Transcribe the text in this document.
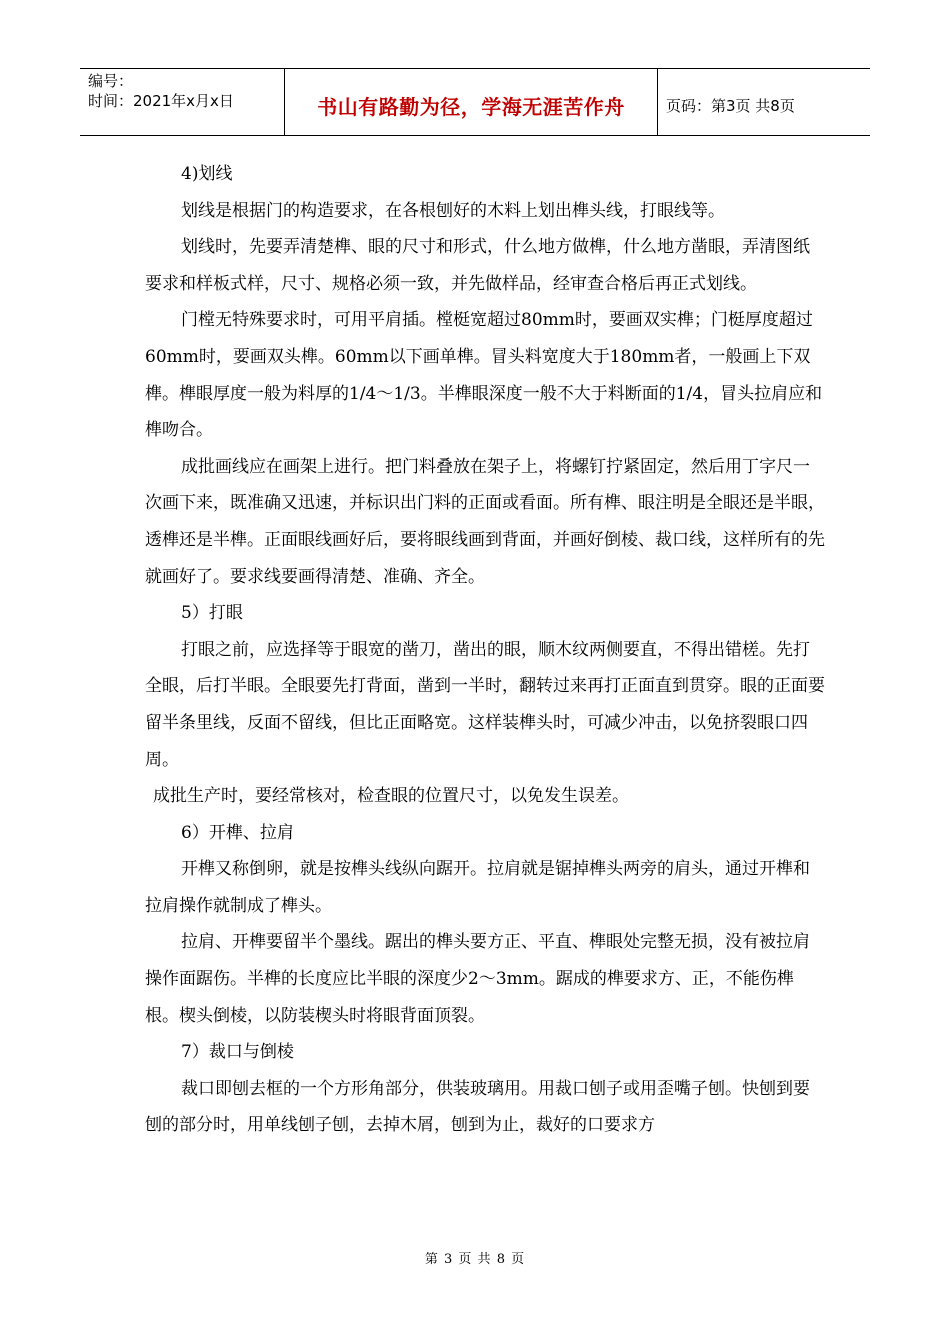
编号：
时间：2021年x月x日	书山有路勤为径，学海无涯苦作舟	页码：第3页 共8页

4)划线

划线是根据门的构造要求，在各根刨好的木料上划出榫头线，打眼线等。

划线时，先要弄清楚榫、眼的尺寸和形式，什么地方做榫，什么地方凿眼，弄清图纸要求和样板式样，尺寸、规格必须一致，并先做样品，经审查合格后再正式划线。

门樘无特殊要求时，可用平肩插。樘梃宽超过80mm时，要画双实榫；门梃厚度超过60mm时，要画双头榫。60mm以下画单榫。冒头料宽度大于180mm者，一般画上下双榫。榫眼厚度一般为料厚的1/4～1/3。半榫眼深度一般不大于料断面的1/4，冒头拉肩应和榫吻合。

成批画线应在画架上进行。把门料叠放在架子上，将螺钉拧紧固定，然后用丁字尺一次画下来，既准确又迅速，并标识出门料的正面或看面。所有榫、眼注明是全眼还是半眼，透榫还是半榫。正面眼线画好后，要将眼线画到背面，并画好倒棱、裁口线，这样所有的先就画好了。要求线要画得清楚、准确、齐全。

5）打眼

打眼之前，应选择等于眼宽的凿刀，凿出的眼，顺木纹两侧要直，不得出错槎。先打全眼，后打半眼。全眼要先打背面，凿到一半时，翻转过来再打正面直到贯穿。眼的正面要留半条里线，反面不留线，但比正面略宽。这样装榫头时，可减少冲击，以免挤裂眼口四周。

成批生产时，要经常核对，检查眼的位置尺寸，以免发生误差。

6）开榫、拉肩

开榫又称倒卵，就是按榫头线纵向踞开。拉肩就是锯掉榫头两旁的肩头，通过开榫和拉肩操作就制成了榫头。

拉肩、开榫要留半个墨线。踞出的榫头要方正、平直、榫眼处完整无损，没有被拉肩操作面踞伤。半榫的长度应比半眼的深度少2～3mm。踞成的榫要求方、正，不能伤榫根。楔头倒棱，以防装楔头时将眼背面顶裂。

7）裁口与倒棱

裁口即刨去框的一个方形角部分，供装玻璃用。用裁口刨子或用歪嘴子刨。快刨到要刨的部分时，用单线刨子刨，去掉木屑，刨到为止，裁好的口要求方

第 3 页 共 8 页
